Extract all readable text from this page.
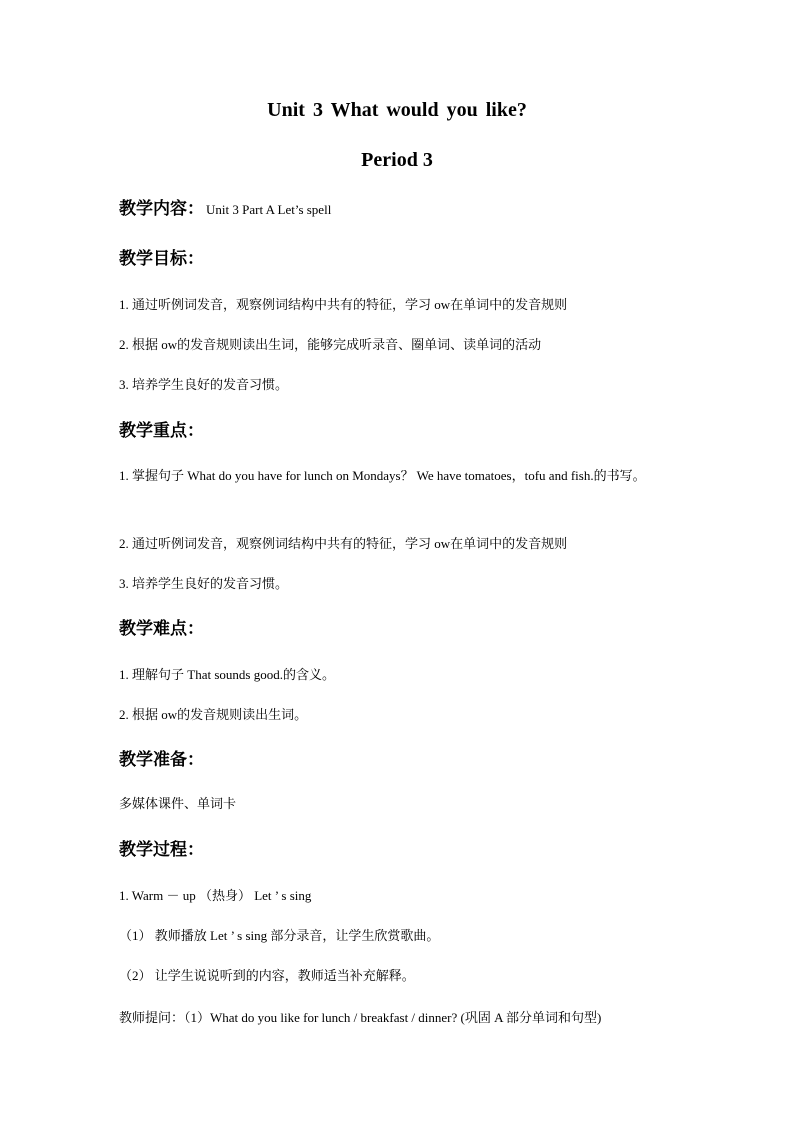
Unit 3 What would you like?
Period 3
教学内容： Unit 3 Part A Let’s spell
教学目标：
1. 通过听例词发音，观察例词结构中共有的特征，学习 ow在单词中的发音规则
2. 根据 ow的发音规则读出生词，能够完成听录音、圈单词、读单词的活动
3. 培养学生良好的发音习惯。
教学重点：
1. 掌握句子 What do you have for lunch on Mondays？ We have tomatoes，tofu and fish.的书写。
2. 通过听例词发音，观察例词结构中共有的特征，学习 ow在单词中的发音规则
3. 培养学生良好的发音习惯。
教学难点：
1. 理解句子 That sounds good.的含义。
2. 根据 ow的发音规则读出生词。
教学准备：
多媒体课件、单词卡
教学过程：
1. Warm － up （热身） Let ’ s sing
（1） 教师播放 Let ’ s sing 部分录音，让学生欣赏歌曲。
（2） 让学生说说听到的内容，教师适当补充解释。
教师提问：（1）What do you like for lunch / breakfast / dinner? (巩固 A 部分单词和句型)
